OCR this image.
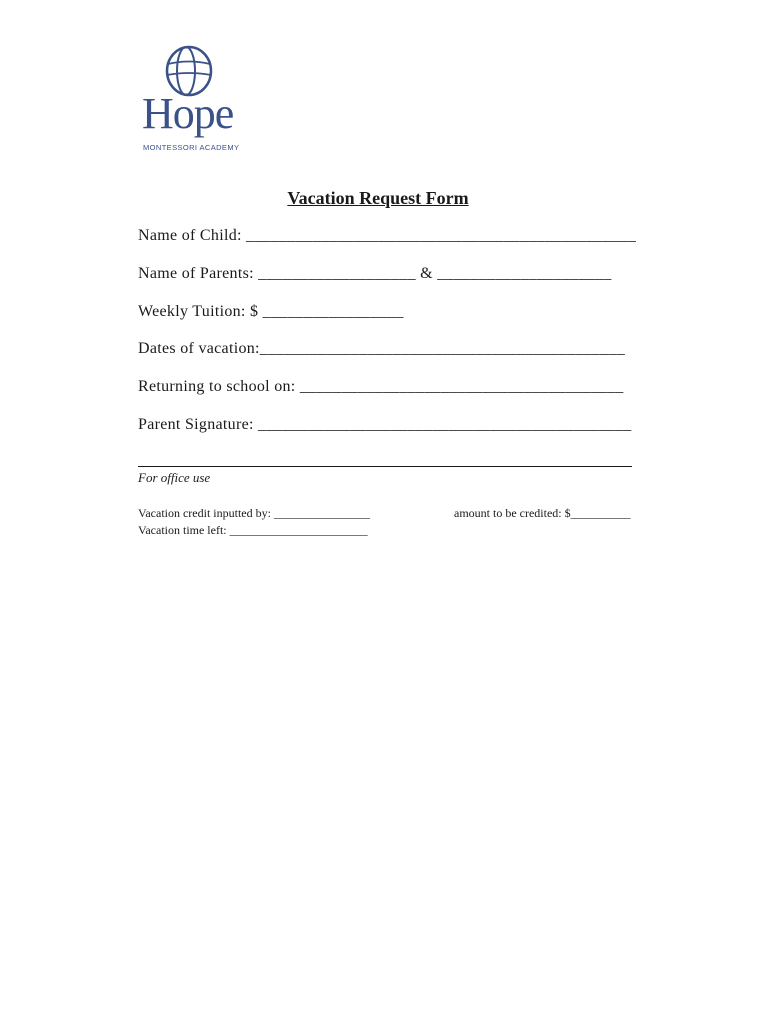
Hope
MONTESSORI ACADEMY
Vacation Request Form
Name of Child: _______________________________________________
Name of Parents: ___________________ & _____________________
Weekly Tuition: $ _________________
Dates of vacation:____________________________________________
Returning to school on: _______________________________________
Parent Signature: _____________________________________________
For office use
Vacation credit inputted by: ________________	amount to be credited: $__________
Vacation time left: _______________________
